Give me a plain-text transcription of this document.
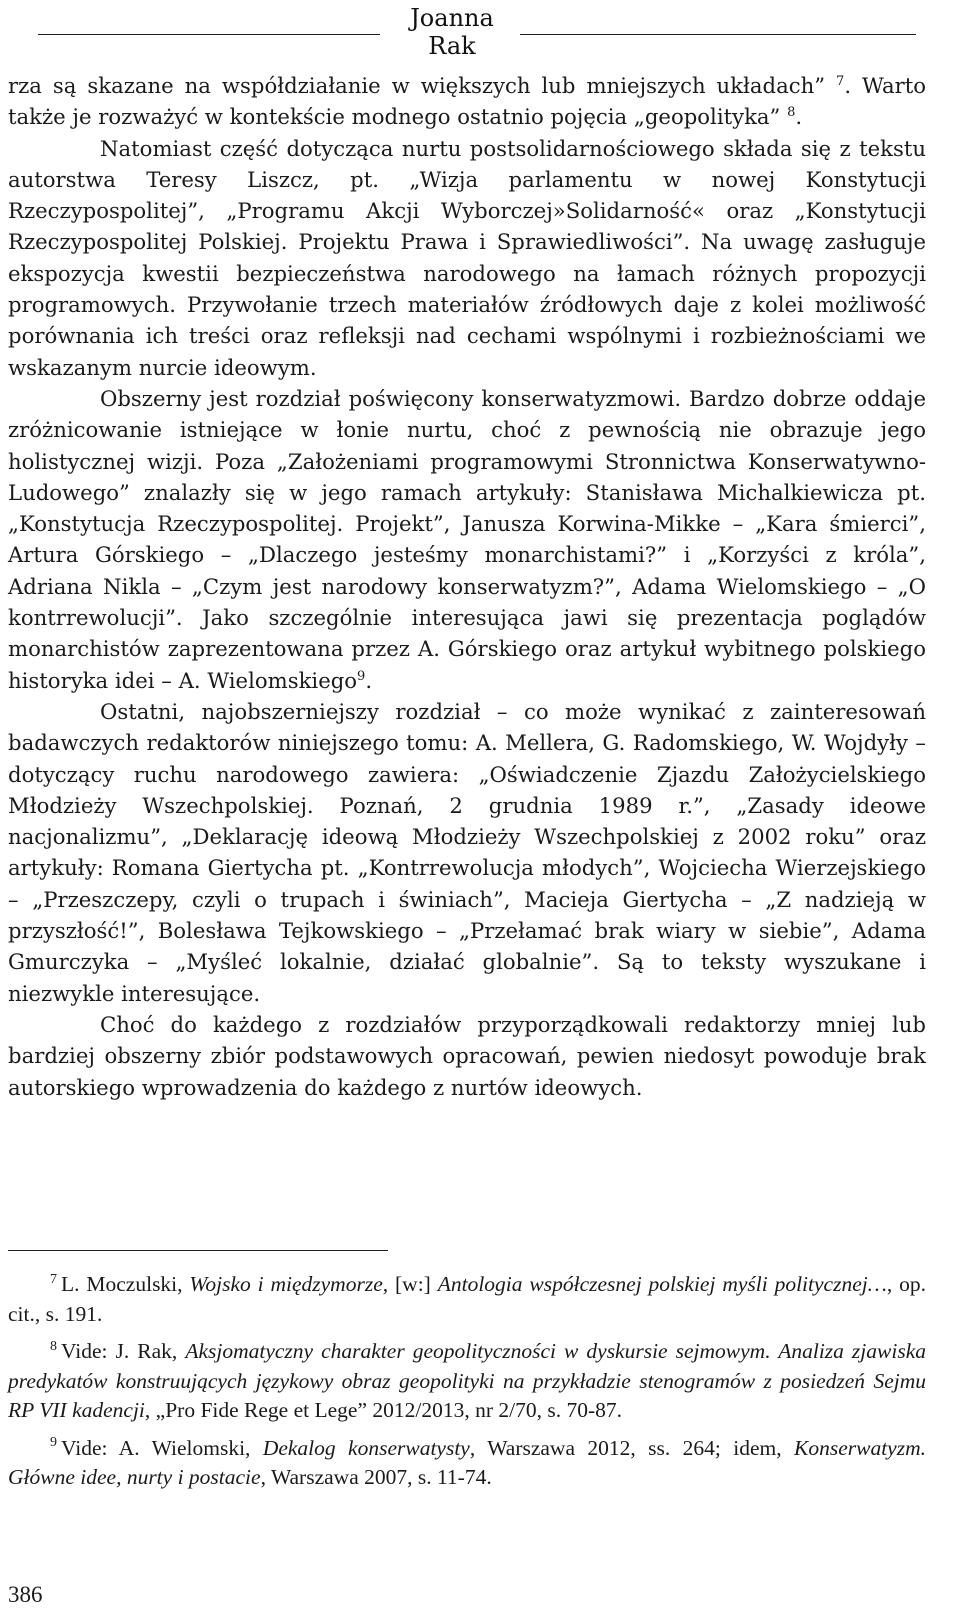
Joanna Rak

rza są skazane na współdziałanie w większych lub mniejszych układach” $^7$. Warto także je rozważyć w kontekście modnego ostatnio pojęcia „geopolityka” $^8$.

Natomiast część dotycząca nurtu postsolidarnościowego składa się z tekstu autorstwa Teresy Liszcz, pt. „Wizja parlamentu w nowej Konstytucji Rzeczypospolitej”, „Programu Akcji Wyborczej»Solidarność« oraz „Konstytucji Rzeczypospolitej Polskiej. Projektu Prawa i Sprawiedliwości”. Na uwagę zasługuje ekspozycja kwestii bezpieczeństwa narodowego na łamach różnych propozycji programowych. Przywołanie trzech materiałów źródłowych daje z kolei możliwość porównania ich treści oraz refleksji nad cechami wspólnymi i rozbieżnościami we wskazanym nurcie ideowym.

Obszerny jest rozdział poświęcony konserwatyzmowi. Bardzo dobrze oddaje zróżnicowanie istniejące w łonie nurtu, choć z pewnością nie obrazuje jego holistycznej wizji. Poza „Założeniami programowymi Stronnictwa Konserwatywno-Ludowego” znalazły się w jego ramach artykuły: Stanisława Michalkiewicza pt. „Konstytucja Rzeczypospolitej. Projekt”, Janusza Korwina-Mikke – „Kara śmierci”, Artura Górskiego – „Dlaczego jesteśmy monarchistami?” i „Korzyści z króla”, Adriana Nikla – „Czym jest narodowy konserwatyzm?”, Adama Wielomskiego – „O kontrrewolucji”. Jako szczególnie interesująca jawi się prezentacja poglądów monarchistów zaprezentowana przez A. Górskiego oraz artykuł wybitnego polskiego historyka idei – A. Wielomskiego$^9$.

Ostatni, najobszerniejszy rozdział – co może wynikać z zainteresowań badawczych redaktorów niniejszego tomu: A. Mellera, G. Radomskiego, W. Wojdyły – dotyczący ruchu narodowego zawiera: „Oświadczenie Zjazdu Założycielskiego Młodzieży Wszechpolskiej. Poznań, 2 grudnia 1989 r.”, „Zasady ideowe nacjonalizmu”, „Deklarację ideową Młodzieży Wszechpolskiej z 2002 roku” oraz artykuły: Romana Giertycha pt. „Kontrrewolucja młodych”, Wojciecha Wierzejskiego – „Przeszczepy, czyli o trupach i świniach”, Macieja Giertycha – „Z nadzieją w przyszłość!”, Bolesława Tejkowskiego – „Przełamać brak wiary w siebie”, Adama Gmurczyka – „Myśleć lokalnie, działać globalnie”. Są to teksty wyszukane i niezwykle interesujące.

Choć do każdego z rozdziałów przyporządkowali redaktorzy mniej lub bardziej obszerny zbiór podstawowych opracowań, pewien niedosyt powoduje brak autorskiego wprowadzenia do każdego z nurtów ideowych.

$^7$ L. Moczulski, Wojsko i międzymorze, [w:] Antologia współczesnej polskiej myśli politycznej…, op. cit., s. 191.

$^8$ Vide: J. Rak, Aksjomatyczny charakter geopolityczności w dyskursie sejmowym. Analiza zjawiska predykatów konstruujących językowy obraz geopolityki na przykładzie stenogramów z posiedzeń Sejmu RP VII kadencji, „Pro Fide Rege et Lege” 2012/2013, nr 2/70, s. 70-87.

$^9$ Vide: A. Wielomski, Dekalog konserwatysty, Warszawa 2012, ss. 264; idem, Konserwatyzm. Główne idee, nurty i postacie, Warszawa 2007, s. 11-74.

386
